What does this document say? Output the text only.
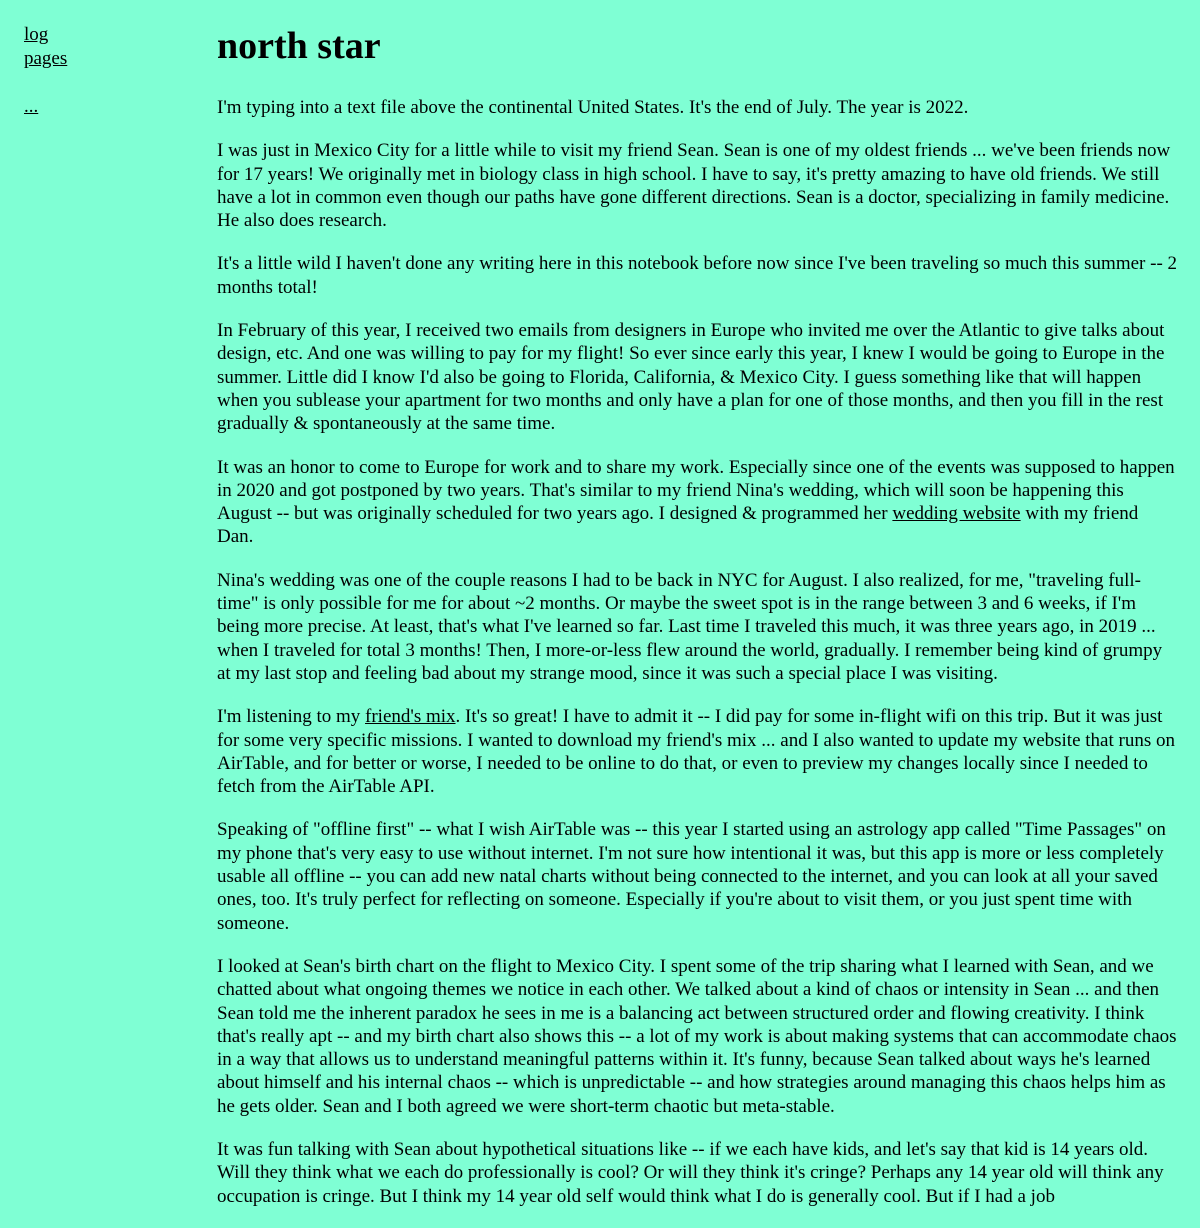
log
pages
...
north star

I'm typing into a text file above the continental United States. It's the end of July. The year is 2022.

I was just in Mexico City for a little while to visit my friend Sean. Sean is one of my oldest friends ... we've been friends now for 17 years! We originally met in biology class in high school. I have to say, it's pretty amazing to have old friends. We still have a lot in common even though our paths have gone different directions. Sean is a doctor, specializing in family medicine. He also does research.

It's a little wild I haven't done any writing here in this notebook before now since I've been traveling so much this summer -- 2 months total!

In February of this year, I received two emails from designers in Europe who invited me over the Atlantic to give talks about design, etc. And one was willing to pay for my flight! So ever since early this year, I knew I would be going to Europe in the summer. Little did I know I'd also be going to Florida, California, & Mexico City. I guess something like that will happen when you sublease your apartment for two months and only have a plan for one of those months, and then you fill in the rest gradually & spontaneously at the same time.

It was an honor to come to Europe for work and to share my work. Especially since one of the events was supposed to happen in 2020 and got postponed by two years. That's similar to my friend Nina's wedding, which will soon be happening this August -- but was originally scheduled for two years ago. I designed & programmed her wedding website with my friend Dan.

Nina's wedding was one of the couple reasons I had to be back in NYC for August. I also realized, for me, "traveling full-time" is only possible for me for about ~2 months. Or maybe the sweet spot is in the range between 3 and 6 weeks, if I'm being more precise. At least, that's what I've learned so far. Last time I traveled this much, it was three years ago, in 2019 ... when I traveled for total 3 months! Then, I more-or-less flew around the world, gradually. I remember being kind of grumpy at my last stop and feeling bad about my strange mood, since it was such a special place I was visiting.

I'm listening to my friend's mix. It's so great! I have to admit it -- I did pay for some in-flight wifi on this trip. But it was just for some very specific missions. I wanted to download my friend's mix ... and I also wanted to update my website that runs on AirTable, and for better or worse, I needed to be online to do that, or even to preview my changes locally since I needed to fetch from the AirTable API.

Speaking of "offline first" -- what I wish AirTable was -- this year I started using an astrology app called "Time Passages" on my phone that's very easy to use without internet. I'm not sure how intentional it was, but this app is more or less completely usable all offline -- you can add new natal charts without being connected to the internet, and you can look at all your saved ones, too. It's truly perfect for reflecting on someone. Especially if you're about to visit them, or you just spent time with someone.

I looked at Sean's birth chart on the flight to Mexico City. I spent some of the trip sharing what I learned with Sean, and we chatted about what ongoing themes we notice in each other. We talked about a kind of chaos or intensity in Sean ... and then Sean told me the inherent paradox he sees in me is a balancing act between structured order and flowing creativity. I think that's really apt -- and my birth chart also shows this -- a lot of my work is about making systems that can accommodate chaos in a way that allows us to understand meaningful patterns within it. It's funny, because Sean talked about ways he's learned about himself and his internal chaos -- which is unpredictable -- and how strategies around managing this chaos helps him as he gets older. Sean and I both agreed we were short-term chaotic but meta-stable.

It was fun talking with Sean about hypothetical situations like -- if we each have kids, and let's say that kid is 14 years old. Will they think what we each do professionally is cool? Or will they think it's cringe? Perhaps any 14 year old will think any occupation is cringe. But I think my 14 year old self would think what I do is generally cool. But if I had a job
